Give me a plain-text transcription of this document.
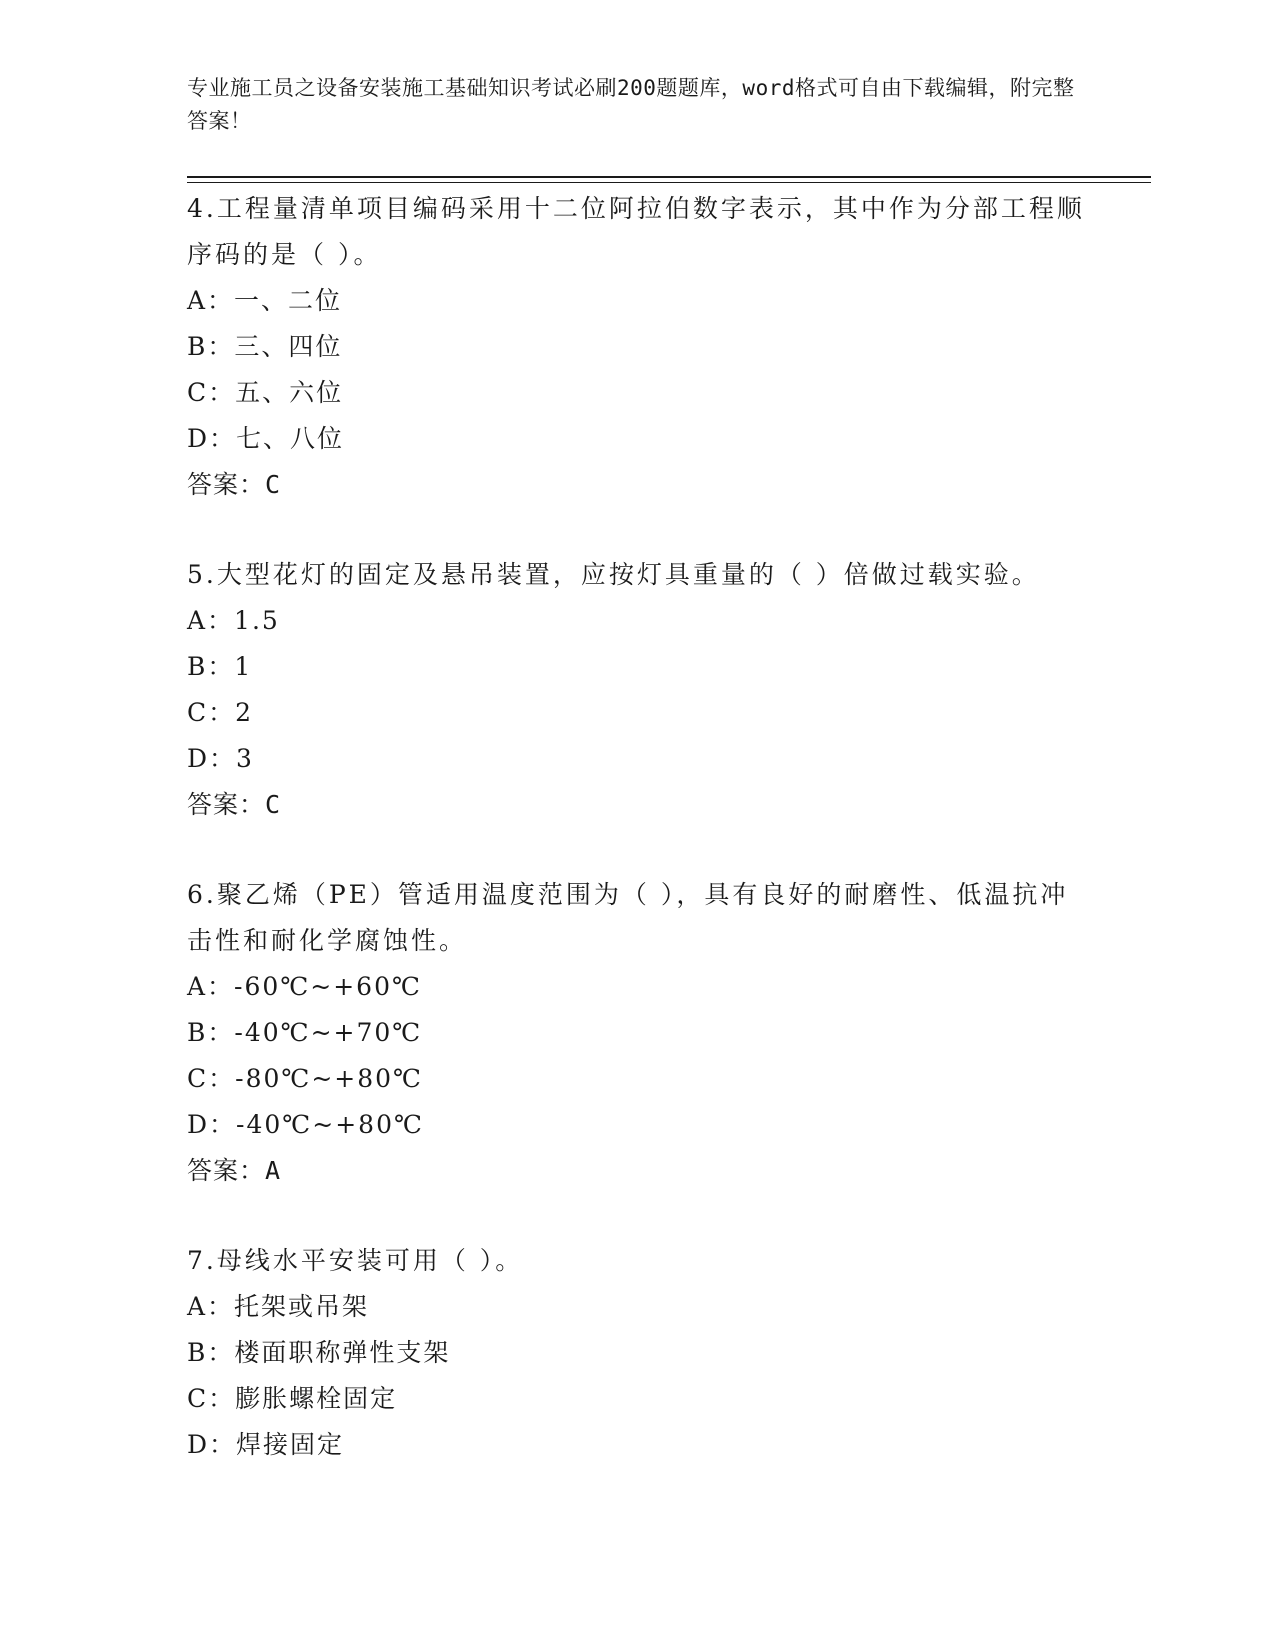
专业施工员之设备安装施工基础知识考试必刷200题题库，word格式可自由下载编辑，附完整答案！
4.工程量清单项目编码采用十二位阿拉伯数字表示，其中作为分部工程顺序码的是（ ）。
A：一、二位
B：三、四位
C：五、六位
D：七、八位
答案：C
5.大型花灯的固定及悬吊装置，应按灯具重量的（ ）倍做过载实验。
A：1.5
B：1
C：2
D：3
答案：C
6.聚乙烯（PE）管适用温度范围为（ ），具有良好的耐磨性、低温抗冲击性和耐化学腐蚀性。
A：-60℃~+60℃
B：-40℃~+70℃
C：-80℃~+80℃
D：-40℃~+80℃
答案：A
7.母线水平安装可用（ ）。
A：托架或吊架
B：楼面职称弹性支架
C：膨胀螺栓固定
D：焊接固定
